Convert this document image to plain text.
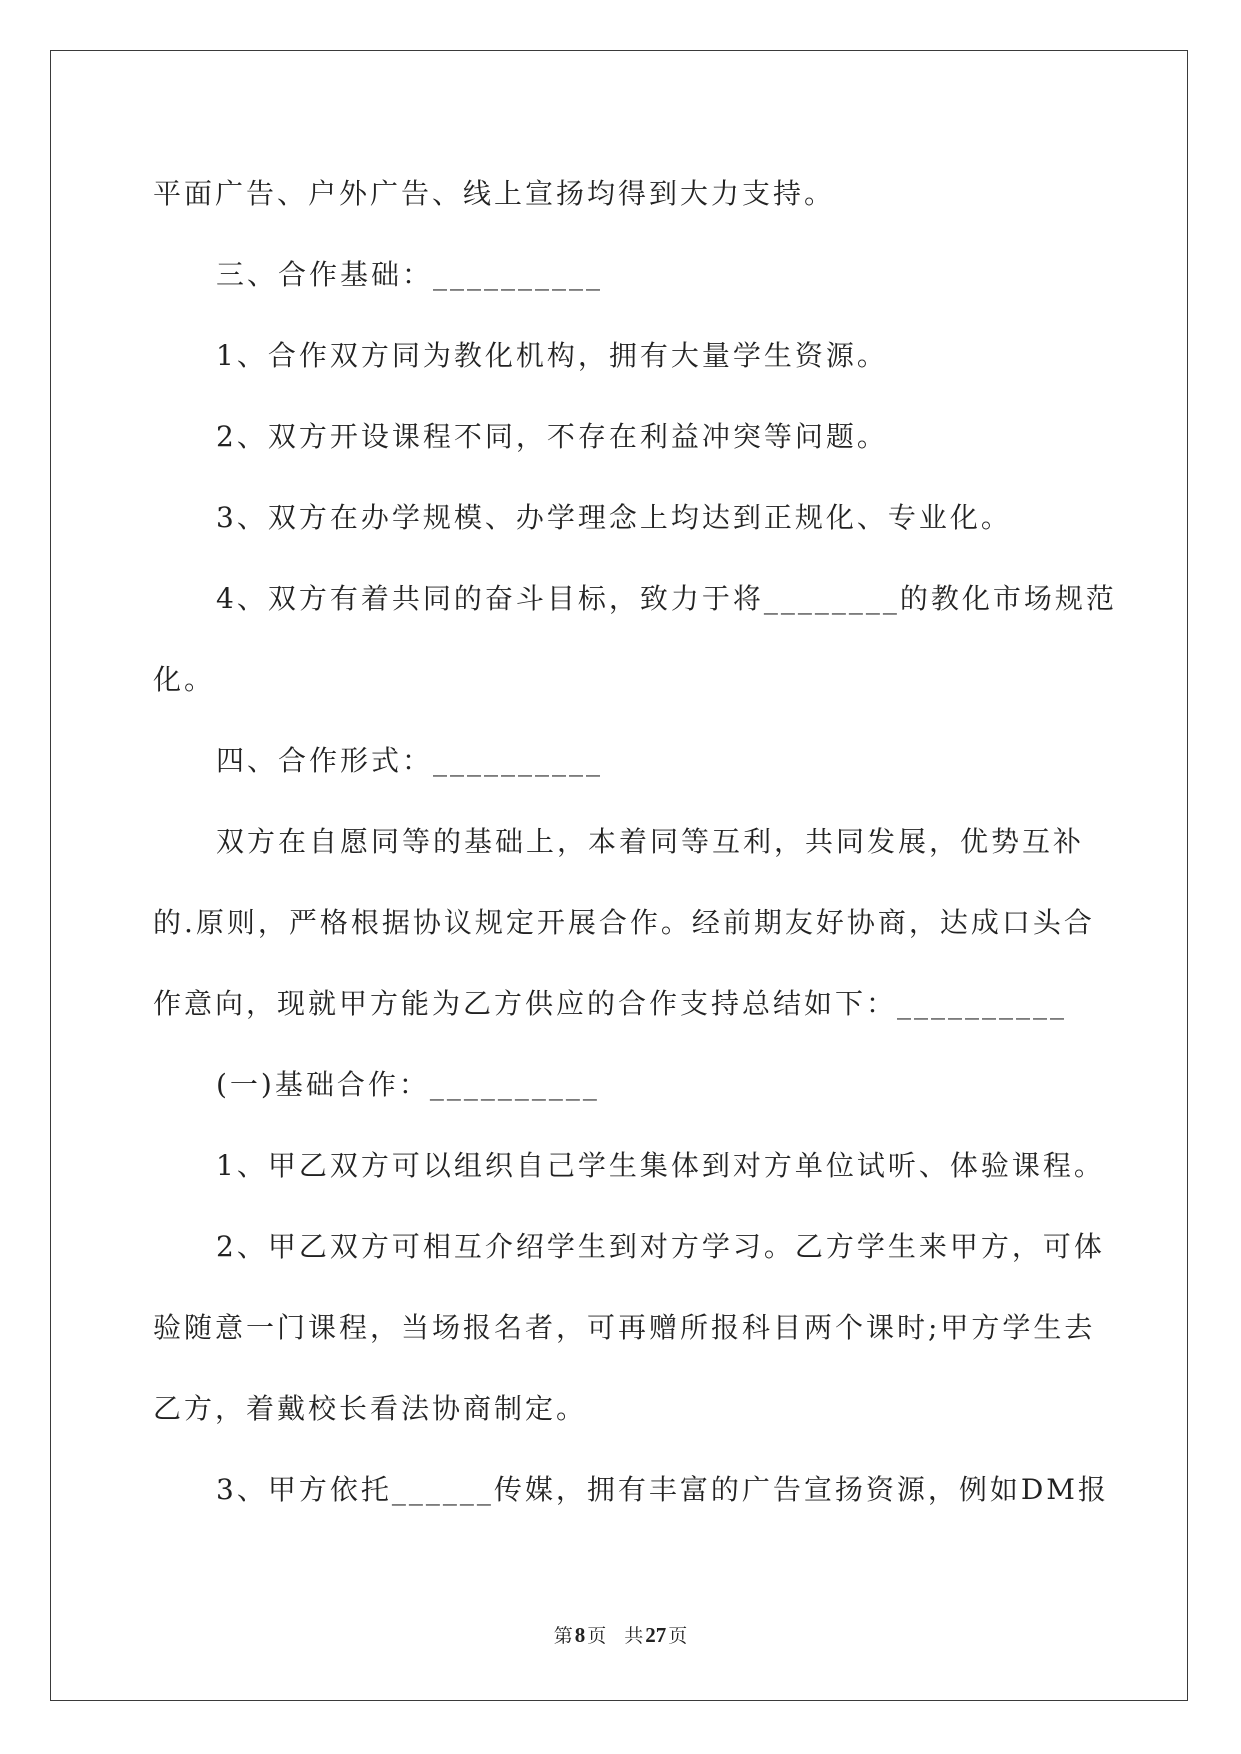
平面广告、户外广告、线上宣扬均得到大力支持。
三、合作基础：__________
1、合作双方同为教化机构，拥有大量学生资源。
2、双方开设课程不同，不存在利益冲突等问题。
3、双方在办学规模、办学理念上均达到正规化、专业化。
4、双方有着共同的奋斗目标，致力于将________的教化市场规范
化。
四、合作形式：__________
双方在自愿同等的基础上，本着同等互利，共同发展，优势互补
的.原则，严格根据协议规定开展合作。经前期友好协商，达成口头合
作意向，现就甲方能为乙方供应的合作支持总结如下：__________
(一)基础合作：__________
1、甲乙双方可以组织自己学生集体到对方单位试听、体验课程。
2、甲乙双方可相互介绍学生到对方学习。乙方学生来甲方，可体
验随意一门课程，当场报名者，可再赠所报科目两个课时;甲方学生去
乙方，着戴校长看法协商制定。
3、甲方依托______传媒，拥有丰富的广告宣扬资源，例如DM报
第8 页 共27 页
